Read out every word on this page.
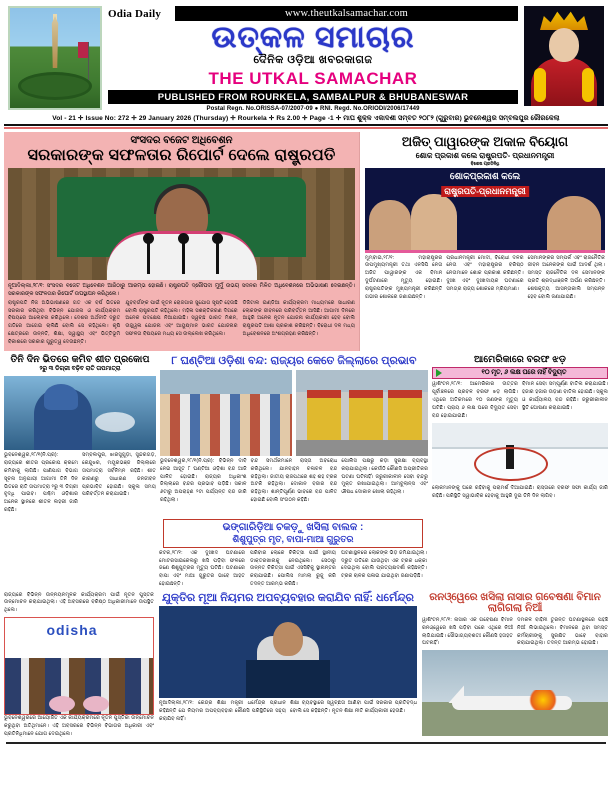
Odia Daily	www.theutkalsamachar.com
ଉତ୍କଳ ସମାଚାର
ଦୈନିକ ଓଡ଼ିଆ ଖବରକାଗଜ
THE UTKAL SAMACHAR
PUBLISHED FROM ROURKELA, SAMBALPUR & BHUBANESWAR
Postal Regn. No.ORISSA-07/2007-09 ● RNI. Regd. No.ORIODI/2006/17449
Vol - 21 ✛ Issue No: 272 ✛ 29 January 2026 (Thursday) ✛ Rourkela ✛ Rs 2.00 ✛ Page -1 ✛ ମାଘ ଶୁକ୍ଳ ଏକାଦଶୀ ସମ୍ବତ ୨୦୮୨ (ଗୁରୁବାର) ଭୁବନେଶ୍ୱର ସମ୍ବଲପୁର ରୌରକେଲା
ସଂସଦର ବଜେଟ ଅଧିବେଶନ
ସରକାରଙ୍କ ସଫଳତାର ରିପୋର୍ଟ ଦେଲେ ରାଷ୍ଟ୍ରପତି
ନୂଆଦିଲ୍ଲୀ,୨୮/୧: ସଂସଦର ବଜେଟ ଅଧିବେଶନ ଆଜିଠାରୁ ଆରମ୍ଭ ହୋଇଛି। ରାଷ୍ଟ୍ରପତି ଦ୍ରୌପଦୀ ମୁର୍ମୁ ଉଭୟ ସଦନର ମିଳିତ ଅଧିବେଶନରେ ଅଭିଭାଷଣ ଦେଇଛନ୍ତି। ସରକାରଙ୍କ ସଫଳତାର ରିପୋର୍ଟ ଉପସ୍ଥାପନ କରିଥିଲେ।
ରାଷ୍ଟ୍ରପତି ନିଜ ଅଭିଭାଷଣରେ ଗତ ଏକ ବର୍ଷ ଭିତରେ ସରକାର କରିଥିବା ବିଭିନ୍ନ ଯୋଜନା ଓ କାର୍ଯ୍ୟକ୍ରମ ବିଷୟରେ ଆଲୋଚନା କରିଥିଲେ। ଦେଶର ଅର୍ଥନୀତି ଦ୍ରୁତ ଗତିରେ ଆଗେଇ ଚାଲିଛି ବୋଲି ସେ କହିଥିଲେ। କୃଷି କ୍ଷେତ୍ରରେ ଉନ୍ନତି, ଶିକ୍ଷା, ସ୍ୱାସ୍ଥ୍ୟ ଏବଂ ଭିତ୍ତିଭୂମି ବିକାଶରେ ସରକାର ଗୁରୁତ୍ୱ ଦେଉଛନ୍ତି।
ଯୁବବର୍ଗଙ୍କ ପାଇଁ ନୂତନ ରୋଜଗାର ସୁଯୋଗ ସୃଷ୍ଟି ହେଉଛି ବୋଲି ରାଷ୍ଟ୍ରପତି କହିଥିଲେ। ମହିଳା ସଶକ୍ତିକରଣ ଦିଗରେ ଅନେକ ପଦକ୍ଷେପ ନିଆଯାଇଛି। ସ୍ୱଚ୍ଛ ଭାରତ ମିଶନ, ଉଜ୍ଜ୍ୱଳା ଯୋଜନା ଏବଂ ଆୟୁଷ୍ମାନ ଭାରତ ଯୋଜନାର ସଫଳତା ବିଷୟରେ ମଧ୍ୟ ସେ ଉଲ୍ଲେଖ କରିଥିଲେ।
ଡିଜିଟାଲ ଇଣ୍ଡିଆ କାର୍ଯ୍ୟକ୍ରମ ମାଧ୍ୟମରେ ସାଧାରଣ ଲୋକଙ୍କ ଜୀବନରେ ପରିବର୍ତ୍ତନ ଆସିଛି। ଆଗାମୀ ଦିନରେ ଆହୁରି ଅନେକ ନୂତନ ଯୋଜନା କାର୍ଯ୍ୟକାରୀ ହେବ ବୋଲି ରାଷ୍ଟ୍ରପତି ଆଶା ପ୍ରକାଶ କରିଛନ୍ତି। ବିରୋଧୀ ଦଳ ମଧ୍ୟ ଅଧିବେଶନରେ ଅଂଶଗ୍ରହଣ କରିଛନ୍ତି।
ଅଜିତ୍ ପାୱାରଙ୍କ ଅକାଳ ବିୟୋଗ
ଶୋକ ପ୍ରକାଶ କଲେ ରାଷ୍ଟ୍ରପତି- ପ୍ରଧାନମନ୍ତ୍ରୀ
ବିଶେଷ ପ୍ରତିନିଧି
ଶୋକପ୍ରକାଶ କଲେ
ରାଷ୍ଟ୍ରପତି-ପ୍ରଧାନମନ୍ତ୍ରୀ
ମୁମ୍ବାଇ,୨୮/୧: ମହାରାଷ୍ଟ୍ରର ଉପମୁଖ୍ୟମନ୍ତ୍ରୀ ତଥା ଏନସିପି ନେତା ଅଜିତ ପାୱାରଙ୍କ ଏକ ବିମାନ ଦୁର୍ଘଟଣାରେ ମୃତ୍ୟୁ ହୋଇଛି। ରାଷ୍ଟ୍ରପତିଙ୍କ ମୁଖ୍ୟମନ୍ତ୍ରୀ କରିଛନ୍ତି ଗଭୀର ଶୋକରେ ଜଣାଇଛନ୍ତି।
ପ୍ରଧାନମନ୍ତ୍ରୀ ମୋଦୀ, ବିରୋଧୀ ଦଳର ନେତା ଏବଂ ମହାରାଷ୍ଟ୍ରର ବରିଷ୍ଠ ନେତାମାନେ ଶୋକ ପ୍ରକାଶ କରିଛନ୍ତି। ଦୁଃଖ ଏବଂ ଦୁଃଖଦାୟକ ଘଟଣାରେ ସମଗ୍ର ରାଜ୍ୟ ଶୋକରେ ମ୍ରିୟମାଣ।
ସେମାନଙ୍କର ସମ୍ପର୍କ ଏବଂ ରାଜନୈତିକ ଜୀବନ ଅନେକଙ୍କ ପାଇଁ ଆଦର୍ଶ ଥିଲା। ସମସ୍ତ ରାଜନୈତିକ ଦଳ ସେମାନଙ୍କ ପ୍ରତି ଶ୍ରଦ୍ଧାଞ୍ଜଳି ଅର୍ପଣ କରିଛନ୍ତି। ଶେଷକୃତ୍ୟ ଆସନ୍ତାକାଲି ସମ୍ପନ୍ନ ହେବ ବୋଲି ଜଣାଯାଇଛି।
ତିନି ଦିନ ଭିତରେ କମିବ ଶୀତ ପ୍ରକୋପ
୨ରୁ ୩ ଡିଗ୍ରୀ ବଢ଼ିବ ରାତି ତାପମାତ୍ରା
ଭୁବନେଶ୍ୱର,୨୮/୧(ନି.ପ୍ର): ରାଜ୍ୟରେ ଶୀତର ପ୍ରକୋପ କ୍ରମେ କମିବାକୁ ଲାଗିଛି। ପାଣିପାଗ ବିଭାଗ ସୂଚନା ଅନୁଯାୟୀ ଆଗାମୀ ତିନି ଦିନ ଭିତରେ ରାତି ତାପମାତ୍ରା ୨ରୁ ୩ ଡିଗ୍ରୀ ବୃଦ୍ଧି ପାଇବ। ପଶ୍ଚିମ ଓଡ଼ିଶାର ଅନେକ ସ୍ଥାନରେ ଶୀତଳ ଲହରୀ ଜାରି ରହିଛି।
ସମ୍ବଲପୁର, ଝାରସୁଗୁଡ଼ା, ସୁନ୍ଦରଗଡ଼, କେନ୍ଦୁଝର, ମୟୂରଭଞ୍ଜ ଜିଲ୍ଲାରେ ତାପମାତ୍ରା ସର୍ବନିମ୍ନ ରହିଛି। ଶୀତ କାରଣରୁ ସାଧାରଣ ଜନଜୀବନ ପ୍ରଭାବିତ ହୋଇଛି। ସ୍କୁଲ ସମୟ ପରିବର୍ତ୍ତନ କରାଯାଇଛି।
୮ ଘଣ୍ଟିଆ ଓଡ଼ିଶା ବନ୍ଦ: ରାଜ୍ୟର କେତେ ଜିଲ୍ଲାରେ ପ୍ରଭାବ
ଭୁବନେଶ୍ୱର,୨୮/୧(ନି.ପ୍ର): ବିଭିନ୍ନ ଦାବି ନେଇ ଆହୂତ ୮ ଘଣ୍ଟିଆ ଓଡ଼ିଶା ବନ୍ଦ ଆଜି ପାଳିତ ହୋଇଛି। ରାଜ୍ୟର ଅଧିକାଂଶ ଜିଲ୍ଲାରେ ବନ୍ଦର ପ୍ରଭାବ ପଡ଼ିଛି। ସକାଳ ୬ଟାରୁ ଅପରାହ୍ଣ ୨ଟା ପର୍ଯ୍ୟନ୍ତ ବନ୍ଦ ଜାରି ରହିଥିଲା।
ବନ୍ଦ ସମର୍ଥକମାନେ ରାସ୍ତା ଅବରୋଧ କରିଥିଲେ। ଯାନବାହନ ଚଳାଚଳ ବନ୍ଦ ରହିଥିଲା। ଜାତୀୟ ରାଜପଥରେ ଶହ ଶହ ଟ୍ରକ ଅଟକି ରହିଥିଲା। ଦୋକାନ ବଜାର ବନ୍ଦ ରହିଥିଲା। ଶାନ୍ତିପୂର୍ଣ୍ଣ ଭାବରେ ବନ୍ଦ ପାଳିତ ହୋଇଛି ବୋଲି ସଂଗଠନ କହିଛି।
ପୋଲିସ ପକ୍ଷରୁ କଡ଼ା ସୁରକ୍ଷା ବ୍ୟବସ୍ଥା କରାଯାଇଥିଲା। କେଉଁଠି କୌଣସି ଅପ୍ରୀତିକର ଘଟଣା ଘଟିନାହିଁ। ଜରୁରୀକାଳୀନ ସେବା ବନ୍ଦରୁ ମୁକ୍ତ ରଖାଯାଇଥିଲା। ଆମ୍ବୁଲାନ୍ସ ଏବଂ ଔଷଧ ଦୋକାନ ଖୋଲା ରହିଥିଲା।
ଆମେରିକାରେ ବରଫ ଝଡ଼
୧୦ ମୃତ, ୬ ଲକ୍ଷ ଘରେ ନାହିଁ ବିଦ୍ୟୁତ
ୱାଶିଂଟନ,୨୮/୧: ଆମେରିକାର ଉତ୍ତର ପୂର୍ବାଞ୍ଚଳରେ ପ୍ରବଳ ବରଫ ଝଡ଼ ଲାଗିଛି। ଏଥିରେ ଅତିକମରେ ୧୦ ଜଣଙ୍କ ମୃତ୍ୟୁ ଘଟିଛି। ପ୍ରାୟ ୬ ଲକ୍ଷ ଘରେ ବିଦ୍ୟୁତ ସେବା ବନ୍ଦ ହୋଇଯାଇଛି।
ବିମାନ ସେବା ସମ୍ପୂର୍ଣ୍ଣ ବାତିଲ କରାଯାଇଛି। ହଜାର ହଜାର ଉଡ଼ାଣ ବାତିଲ ହୋଇଛି। ସ୍କୁଲ ଓ କାର୍ଯ୍ୟାଳୟ ବନ୍ଦ ରହିଛି। ଜରୁରୀକାଳୀନ ସ୍ଥିତି ଘୋଷଣା କରାଯାଇଛି।
ଲୋକମାନଙ୍କୁ ଘରେ ରହିବାକୁ ପରାମର୍ଶ ଦିଆଯାଇଛି। ରାସ୍ତାରେ ବରଫ ସଫା କାର୍ଯ୍ୟ ଜାରି ରହିଛି। ପରିସ୍ଥିତି ସ୍ୱାଭାବିକ ହେବାକୁ ଆହୁରି ଦୁଇ ତିନି ଦିନ ଲାଗିବ।
ଭଙ୍ଗାରିଡ଼ିଆ ଚକଡ଼ୁ ଖସିଲା ବାଲକ :
ଶିଶୁପୁତ୍ର ମୃତ, ବାପା-ମାଆ ଗୁରୁତର
କଟକ,୨୮/୧: ଏକ ଦୁଃଖଦ ଘଟଣାରେ ମୋଟରସାଇକେଲରୁ ଖସି ପଡ଼ିବା ଫଳରେ ଜଣେ ଶିଶୁପୁତ୍ରର ମୃତ୍ୟୁ ଘଟିଛି। ଘଟଣାରେ ବାପା ଏବଂ ମାଆ ଗୁରୁତର ଭାବେ ଆହତ ହୋଇଛନ୍ତି।
ପରିବାର ଲୋକେ ଚିକିତ୍ସା ପାଇଁ ସ୍ଥାନୀୟ ଡାକ୍ତରଖାନାକୁ ନେଇଥିଲେ। ସେଠାରୁ ଉନ୍ନତ ଚିକିତ୍ସା ପାଇଁ ଏସସିବିକୁ ସ୍ଥାନାନ୍ତର କରାଯାଇଛି। ପୋଲିସ ମାମଲା ରୁଜୁ କରି ତଦନ୍ତ ଆରମ୍ଭ କରିଛି।
ଘଟଣାସ୍ଥଳରେ ଲୋକଙ୍କ ଭିଡ଼ ଜମିଯାଇଥିଲା। ଦ୍ରୁତ ଗତିରେ ଯାଉଥିବା ଏକ ଟ୍ରକ ଧକ୍କା ଦେଇଥିଲା ବୋଲି ପ୍ରତ୍ୟକ୍ଷଦର୍ଶୀ କହିଛନ୍ତି। ଟ୍ରକ ଚାଳକ ପଳାଇ ଯାଇଥିବା ଜଣାପଡ଼ିଛି।
ରାଜ୍ୟରେ ବିଭିନ୍ନ ଉନ୍ନୟନମୂଳକ କାର୍ଯ୍ୟକ୍ରମ ପାଇଁ ନୂତନ ପୁସ୍ତକ ଉନ୍ମୋଚନ କରାଯାଇଥିଲା। ଏହି ଅବସରରେ ବରିଷ୍ଠ ଅଧିକାରୀମାନେ ଉପସ୍ଥିତ ଥିଲେ।
odisha
ଭୁବନେଶ୍ୱରରେ ଆୟୋଜିତ ଏକ କାର୍ଯ୍ୟକ୍ରମରେ ନୂତନ ପୁସ୍ତିକା ଉନ୍ମୋଚନ କରୁଥିବା ଅତିଥିମାନେ। ଏହି ଅବସରରେ ବିଭିନ୍ନ ବିଭାଗର ଅଧିକାରୀ ଏବଂ ପ୍ରତିନିଧିମାନେ ଯୋଗ ଦେଇଥିଲେ।
ଯୁକ୍ତିର ମୂଆ ନିୟମର ଅପବ୍ୟବହାର କରାଯିବ ନାହିଁ: ଧର୍ମେନ୍ଦ୍ର
ନୂଆଦିଲ୍ଲୀ,୨୮/୧: କେନ୍ଦ୍ର ଶିକ୍ଷା ମନ୍ତ୍ରୀ ଧର୍ମେନ୍ଦ୍ର ପ୍ରଧାନ କହିଛନ୍ତି ଯେ ନିୟମର ଅପବ୍ୟବହାର କୌଣସି ପରିସ୍ଥିତିରେ ସହ୍ୟ କରାଯିବ ନାହିଁ।
ଶିକ୍ଷା ବ୍ୟବସ୍ଥାରେ ସ୍ୱଚ୍ଛତା ଆଣିବା ପାଇଁ ସରକାର ପ୍ରତିବଦ୍ଧ ବୋଲି ସେ କହିଛନ୍ତି। ନୂତନ ଶିକ୍ଷା ନୀତି କାର୍ଯ୍ୟକାରୀ ହେଉଛି।
ରନଓ୍ୱେରେ ଖସିଲା ନାସାର ଗବେଷଣା ବିମାନ
ଲାଗିଗଲା ନିଆଁ
ୱାଶିଂଟନ,୨୮/୧: ନାସାର ଏକ ଗବେଷଣା ବିମାନ ରନଓ୍ୱେରେ ଖସି ପଡ଼ିବା ପରେ ଏଥିରେ ନିଆଁ ଲାଗିଯାଇଛି। ସୌଭାଗ୍ୟବଶତଃ କୌଣସି ହତାହତ ଘଟନାହିଁ।
ଦମକଳ ବାହିନୀ ତୁରନ୍ତ ଘଟଣାସ୍ଥଳରେ ପହଞ୍ଚି ନିଆଁ ଲିଭାଇଥିଲେ। ବିମାନରେ ଥିବା ସମସ୍ତ କର୍ମଚାରୀଙ୍କୁ ସୁରକ୍ଷିତ ଭାବେ ବାହାର କରାଯାଇଥିଲା। ତଦନ୍ତ ଆରମ୍ଭ ହୋଇଛି।
